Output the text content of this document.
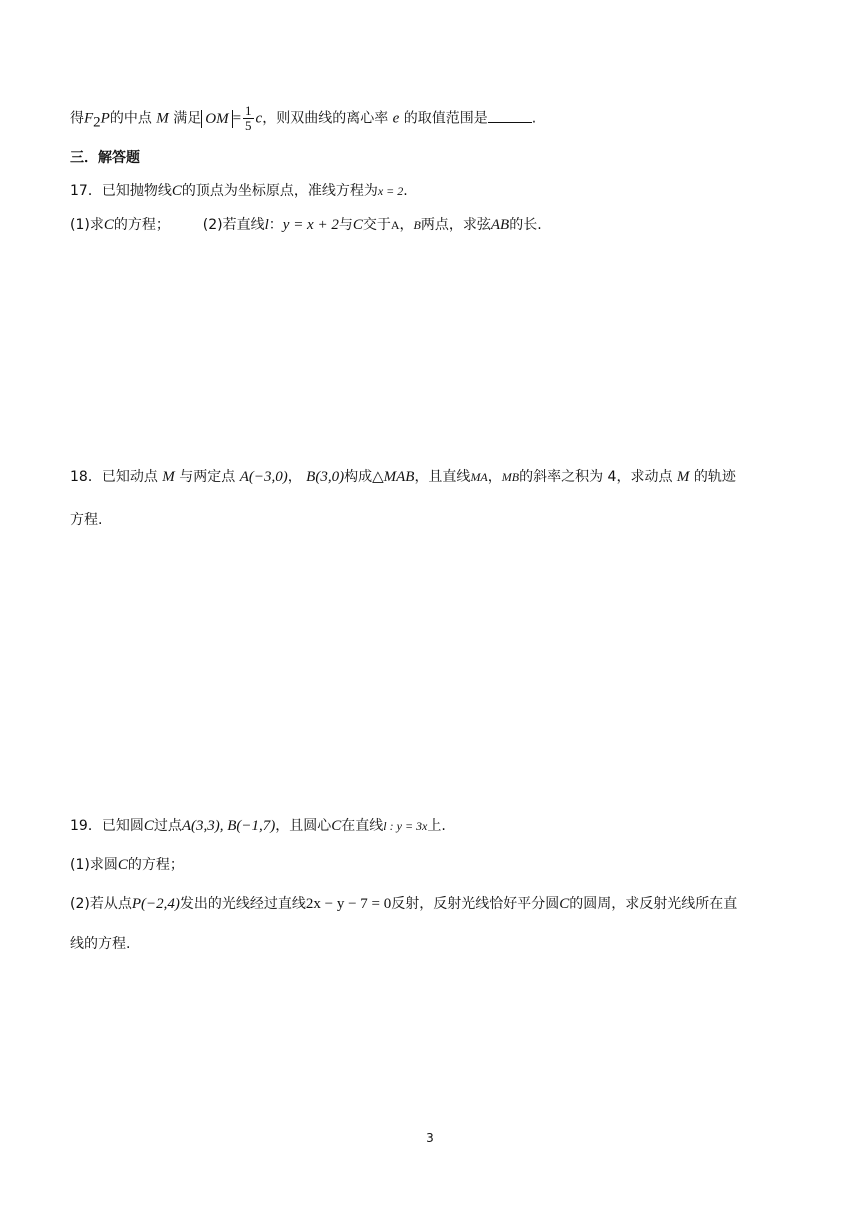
得$F_2P$的中点 M 满足 OM = $\frac{1}{5}$ c，则双曲线的离心率 e 的取值范围是	.
三．解答题
17．已知抛物线C的顶点为坐标原点，准线方程为x = 2.
(1)求C的方程； (2)若直线l：y = x + 2与C交于A，B两点，求弦AB的长.
18．已知动点 M 与两定点 A(−3,0)， B(3,0)构成△MAB，且直线MA，MB的斜率之积为 4，求动点 M 的轨迹
方程.
19．已知圆C过点A(3,3), B(−1,7)，且圆心C在直线l : y = 3x上.
(1)求圆C的方程；
(2)若从点P(−2,4)发出的光线经过直线2x − y − 7 = 0反射，反射光线恰好平分圆C的圆周，求反射光线所在直
线的方程.
3
